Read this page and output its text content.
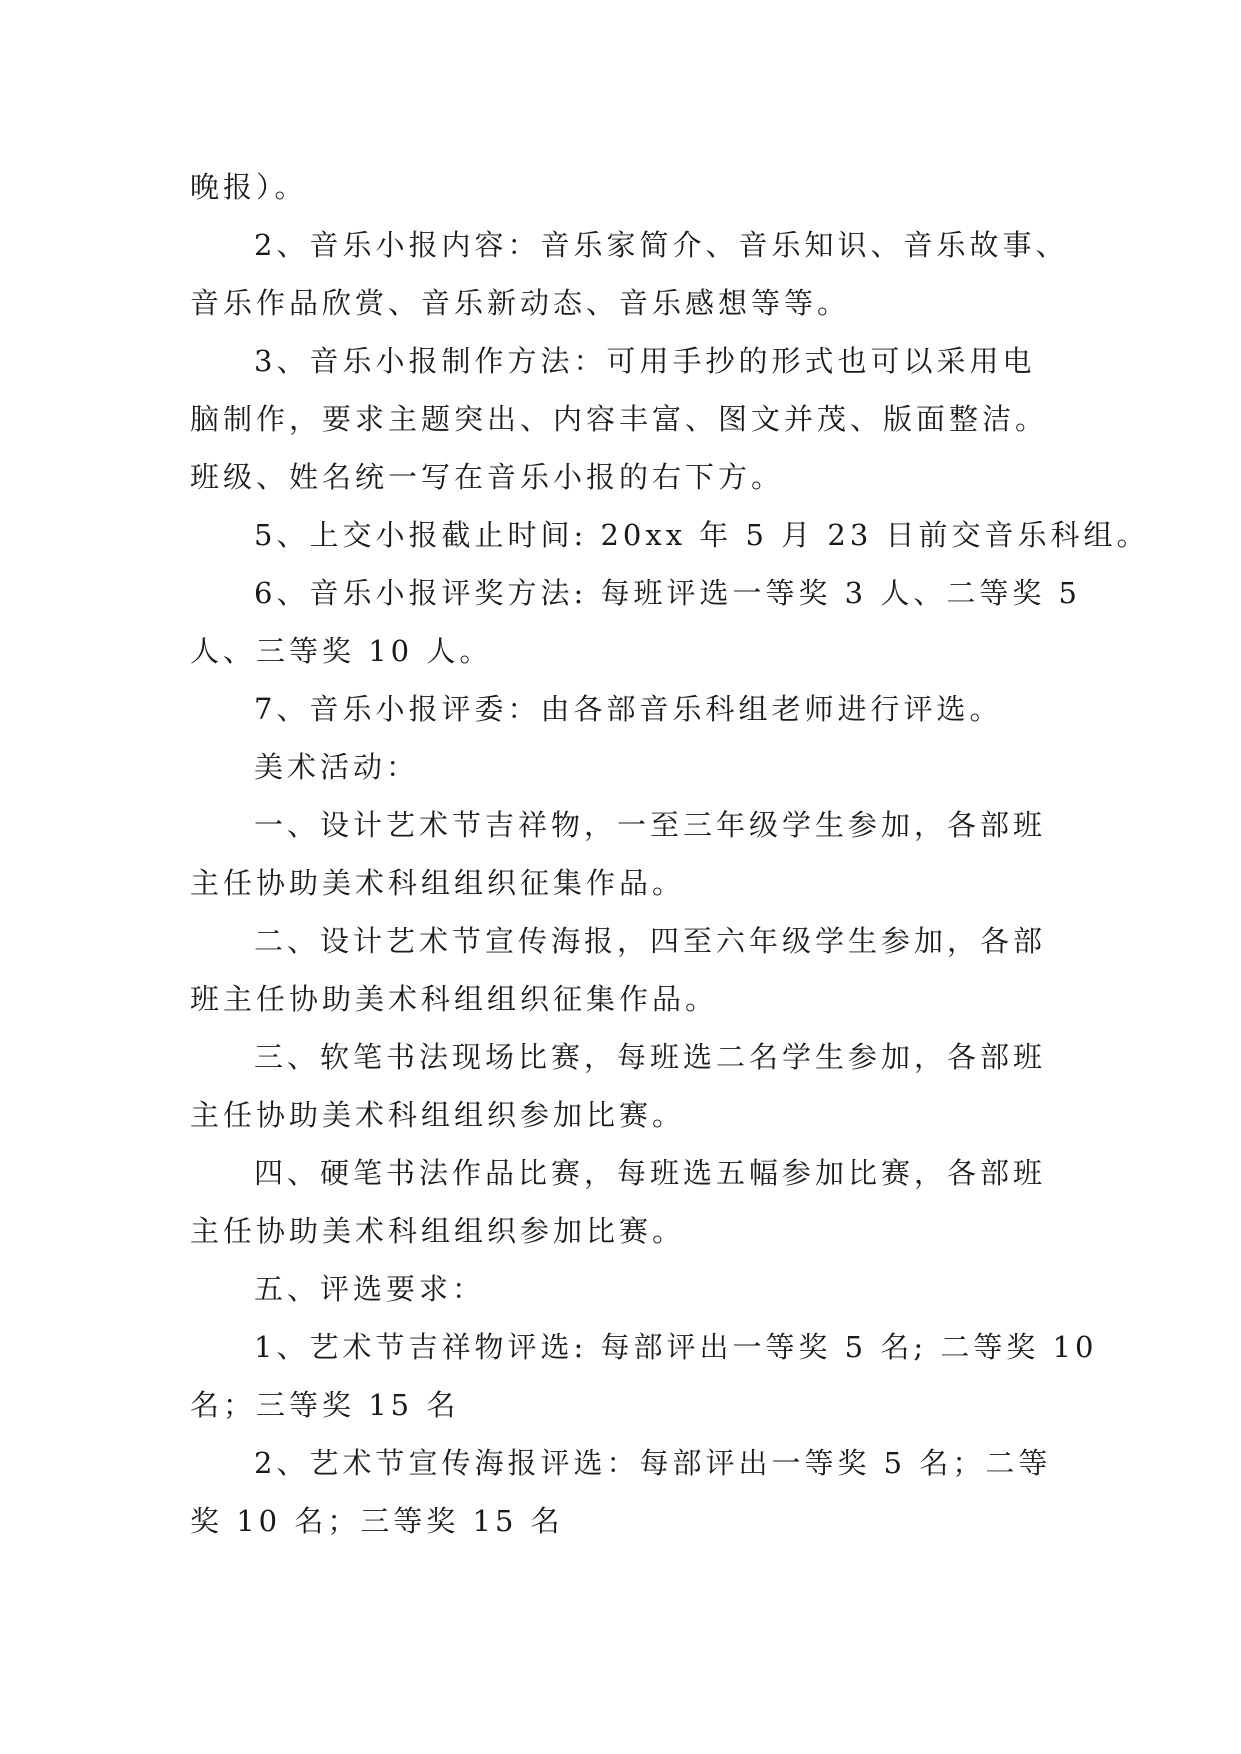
晚报）。
2、音乐小报内容：音乐家简介、音乐知识、音乐故事、
音乐作品欣赏、音乐新动态、音乐感想等等。
3、音乐小报制作方法：可用手抄的形式也可以采用电
脑制作，要求主题突出、内容丰富、图文并茂、版面整洁。
班级、姓名统一写在音乐小报的右下方。
5、上交小报截止时间: 20xx 年 5 月 23 日前交音乐科组。
6、音乐小报评奖方法: 每班评选一等奖 3 人、二等奖 5
人、三等奖 10 人。
7、音乐小报评委：由各部音乐科组老师进行评选。
美术活动：
一、设计艺术节吉祥物，一至三年级学生参加，各部班
主任协助美术科组组织征集作品。
二、设计艺术节宣传海报，四至六年级学生参加，各部
班主任协助美术科组组织征集作品。
三、软笔书法现场比赛，每班选二名学生参加，各部班
主任协助美术科组组织参加比赛。
四、硬笔书法作品比赛，每班选五幅参加比赛，各部班
主任协助美术科组组织参加比赛。
五、评选要求：
1、艺术节吉祥物评选: 每部评出一等奖 5 名; 二等奖 10
名；三等奖 15 名
2、艺术节宣传海报评选：每部评出一等奖 5 名；二等
奖 10 名；三等奖 15 名
